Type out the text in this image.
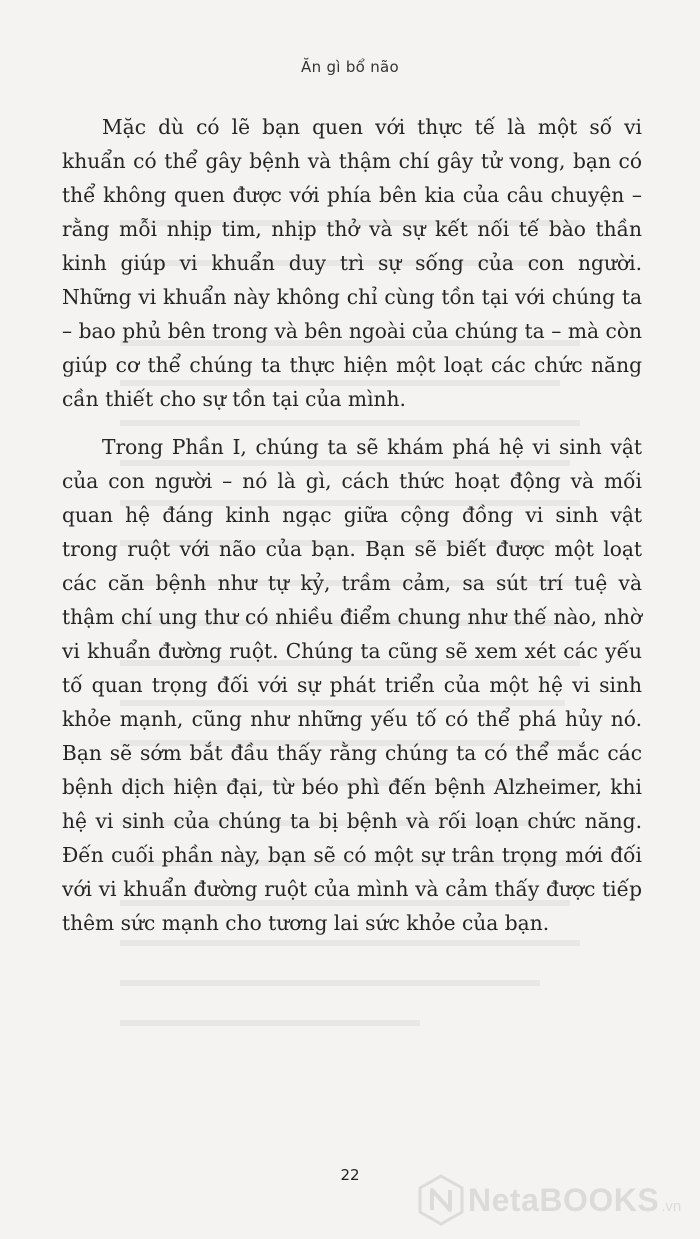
Ăn gì bổ não

Mặc dù có lẽ bạn quen với thực tế là một số vi khuẩn có thể gây bệnh và thậm chí gây tử vong, bạn có thể không quen được với phía bên kia của câu chuyện – rằng mỗi nhịp tim, nhịp thở và sự kết nối tế bào thần kinh giúp vi khuẩn duy trì sự sống của con người. Những vi khuẩn này không chỉ cùng tồn tại với chúng ta – bao phủ bên trong và bên ngoài của chúng ta – mà còn giúp cơ thể chúng ta thực hiện một loạt các chức năng cần thiết cho sự tồn tại của mình.

Trong Phần I, chúng ta sẽ khám phá hệ vi sinh vật của con người – nó là gì, cách thức hoạt động và mối quan hệ đáng kinh ngạc giữa cộng đồng vi sinh vật trong ruột với não của bạn. Bạn sẽ biết được một loạt các căn bệnh như tự kỷ, trầm cảm, sa sút trí tuệ và thậm chí ung thư có nhiều điểm chung như thế nào, nhờ vi khuẩn đường ruột. Chúng ta cũng sẽ xem xét các yếu tố quan trọng đối với sự phát triển của một hệ vi sinh khỏe mạnh, cũng như những yếu tố có thể phá hủy nó. Bạn sẽ sớm bắt đầu thấy rằng chúng ta có thể mắc các bệnh dịch hiện đại, từ béo phì đến bệnh Alzheimer, khi hệ vi sinh của chúng ta bị bệnh và rối loạn chức năng. Đến cuối phần này, bạn sẽ có một sự trân trọng mới đối với vi khuẩn đường ruột của mình và cảm thấy được tiếp thêm sức mạnh cho tương lai sức khỏe của bạn.

22
NetaBOOKS .vn
